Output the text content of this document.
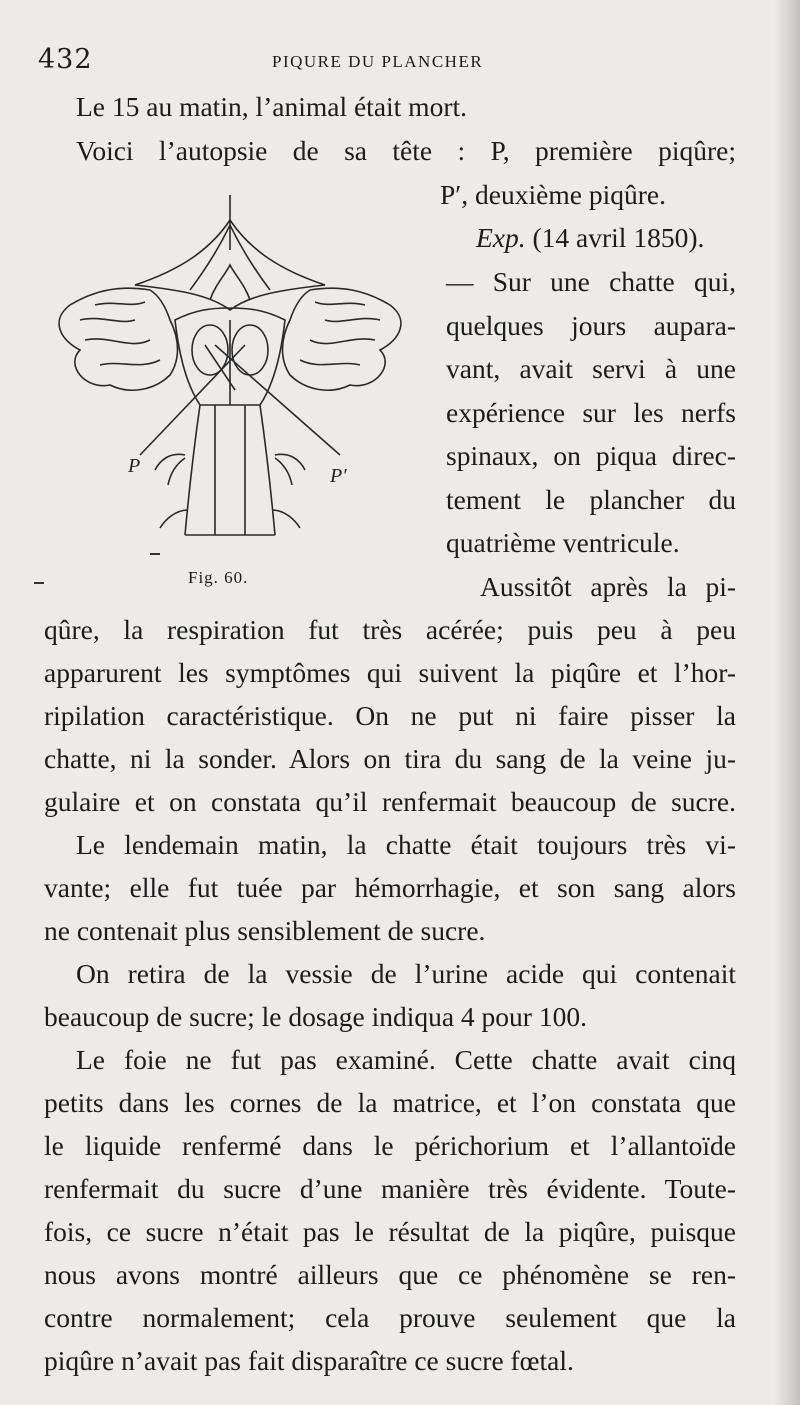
432	PIQURE DU PLANCHER
Le 15 au matin, l’animal était mort.
Voici l’autopsie de sa tête : P, première piqûre;
P′, deuxième piqûre.
Exp. (14 avril 1850).
— Sur une chatte qui,
quelques jours aupara-
vant, avait servi à une
expérience sur les nerfs
spinaux, on piqua direc-
tement le plancher du
quatrième ventricule.
Aussitôt après la pi-
qûre, la respiration fut très acérée; puis peu à peu
apparurent les symptômes qui suivent la piqûre et l’hor-
ripilation caractéristique. On ne put ni faire pisser la
chatte, ni la sonder. Alors on tira du sang de la veine ju-
gulaire et on constata qu’il renfermait beaucoup de sucre.
Le lendemain matin, la chatte était toujours très vi-
vante; elle fut tuée par hémorrhagie, et son sang alors
ne contenait plus sensiblement de sucre.
On retira de la vessie de l’urine acide qui contenait
beaucoup de sucre; le dosage indiqua 4 pour 100.
Le foie ne fut pas examiné. Cette chatte avait cinq
petits dans les cornes de la matrice, et l’on constata que
le liquide renfermé dans le périchorium et l’allantoïde
renfermait du sucre d’une manière très évidente. Toute-
fois, ce sucre n’était pas le résultat de la piqûre, puisque
nous avons montré ailleurs que ce phénomène se ren-
contre normalement; cela prouve seulement que la
piqûre n’avait pas fait disparaître ce sucre fœtal.
P	P′
Fig. 60.
